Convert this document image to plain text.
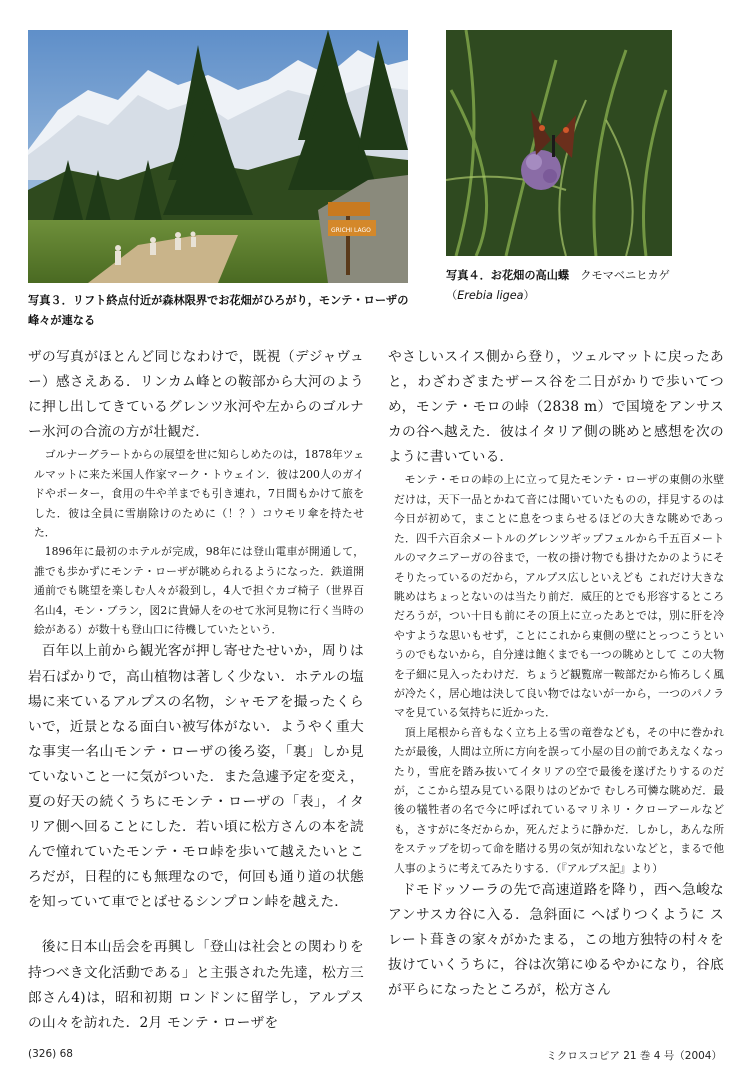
GRICHI LAGO
写真３．リフト終点付近が森林限界でお花畑がひろがり，モンテ・ローザの峰々が連なる
写真４．お花畑の高山蝶　 クモマベニヒカゲ（Erebia ligea）

ザの写真がほとんど同じなわけで，既視（デジャヴュー）感さえある．リンカム峰との鞍部から大河のように押し出してきているグレンツ氷河や左からのゴルナー氷河の合流の方が壮観だ．

ゴルナーグラートからの展望を世に知らしめたのは，1878年ツェルマットに来た米国人作家マーク・トウェイン．彼は200人のガイドやポーター，食用の牛や羊までも引き連れ，7日間もかけて旅をした．彼は全員に雪崩除けのために（！？）コウモリ傘を持たせた．

1896年に最初のホテルが完成，98年には登山電車が開通して，誰でも歩かずにモンテ・ローザが眺められるようになった．鉄道開通前でも眺望を楽しむ人々が殺到し，4人で担ぐカゴ椅子（世界百名山4，モン・ブラン，図2に貴婦人をのせて氷河見物に行く当時の絵がある）が数十も登山口に待機していたという．

百年以上前から観光客が押し寄せたせいか，周りは岩石ばかりで，高山植物は著しく少ない．ホテルの塩場に来ているアルプスの名物，シャモアを撮ったくらいで，近景となる面白い被写体がない．ようやく重大な事実一名山モンテ・ローザの後ろ姿，「裏」しか見ていないこと一に気がついた．また急遽予定を変え，夏の好天の続くうちにモンテ・ローザの「表」，イタリア側へ回ることにした．若い頃に松方さんの本を読んで憧れていたモンテ・モロ峠を歩いて越えたいところだが，日程的にも無理なので，何回も通り道の状態を知っていて車でとばせるシンプロン峠を越えた．

後に日本山岳会を再興し「登山は社会との関わりを持つべき文化活動である」と主張された先達，松方三郎さん4)は，昭和初期 ロンドンに留学し，アルプスの山々を訪れた．2月 モンテ・ローザを

やさしいスイス側から登り，ツェルマットに戻ったあと，わざわざまたザース谷を二日がかりで歩いてつめ，モンテ・モロの峠（2838 m）で国境をアンサスカの谷へ越えた．彼はイタリア側の眺めと感想を次のように書いている．

モンテ・モロの峠の上に立って見たモンテ・ローザの東側の氷壁だけは，天下一品とかねて音には聞いていたものの，拝見するのは今日が初めて，まことに息をつまらせるほどの大きな眺めであった．四千六百余メートルのグレンツギップフェルから千五百メートルのマクニアーガの谷まで，一枚の掛け物でも掛けたかのようにそそりたっているのだから，アルプス広しといえども これだけ大きな眺めはちょっとないのは当たり前だ．威圧的とでも形容するところだろうが，つい十日も前にその頂上に立ったあとでは，別に肝を冷やすような思いもせず，ことにこれから東側の壁にとっつこうというのでもないから，自分達は飽くまでも一つの眺めとして この大物を子細に見入ったわけだ．ちょうど観覧席一鞍部だから怖ろしく風が冷たく，居心地は決して良い物ではないが一から，一つのパノラマを見ている気持ちに近かった．

頂上尾根から音もなく立ち上る雪の竜巻なども，その中に巻かれたが最後，人間は立所に方向を誤って小屋の目の前であえなくなったり，雪庇を踏み抜いてイタリアの空で最後を遂げたりするのだが，ここから望み見ている限りはのどかで むしろ可憐な眺めだ．最後の犠牲者の名で今に呼ばれているマリネリ・クローアールなども，さすがに冬だからか，死んだように静かだ．しかし，あんな所をステップを切って命を賭ける男の気が知れないなどと，まるで他人事のように考えてみたりする．（『アルプス記』より）

ドモドッソーラの先で高速道路を降り，西へ急峻なアンサスカ谷に入る．急斜面に へばりつくように スレート葺きの家々がかたまる，この地方独特の村々を抜けていくうちに，谷は次第にゆるやかになり，谷底が平らになったところが，松方さん

(326) 68	ミクロスコピア 21 巻 4 号（2004）
